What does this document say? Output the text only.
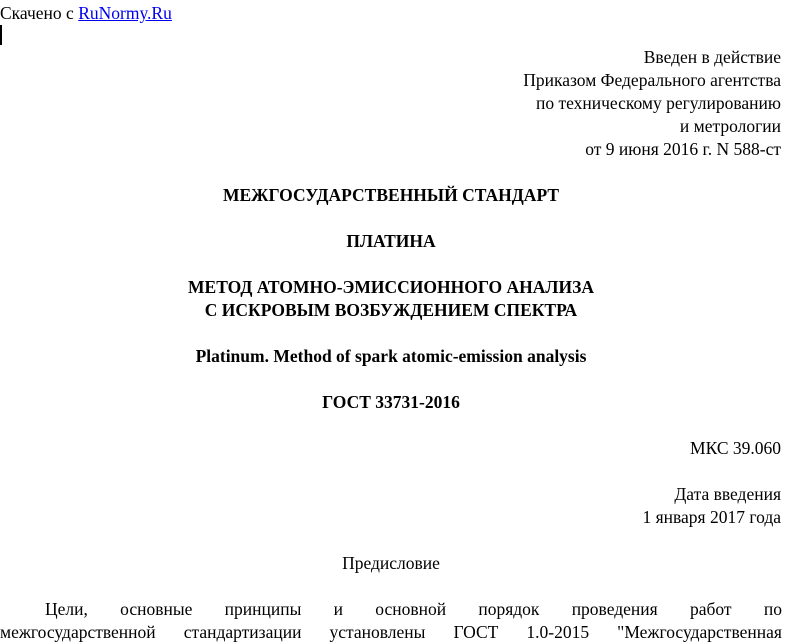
Скачено с RuNormy.Ru
Введен в действие
Приказом Федерального агентства
по техническому регулированию
и метрологии
от 9 июня 2016 г. N 588-ст
МЕЖГОСУДАРСТВЕННЫЙ СТАНДАРТ
ПЛАТИНА
МЕТОД АТОМНО-ЭМИССИОННОГО АНАЛИЗА
С ИСКРОВЫМ ВОЗБУЖДЕНИЕМ СПЕКТРА
Platinum. Method of spark atomic-emission analysis
ГОСТ 33731-2016
МКС 39.060
Дата введения
1 января 2017 года
Предисловие
Цели, основные принципы и основной порядок проведения работ по
межгосударственной стандартизации установлены ГОСТ 1.0-2015 "Межгосударственная
